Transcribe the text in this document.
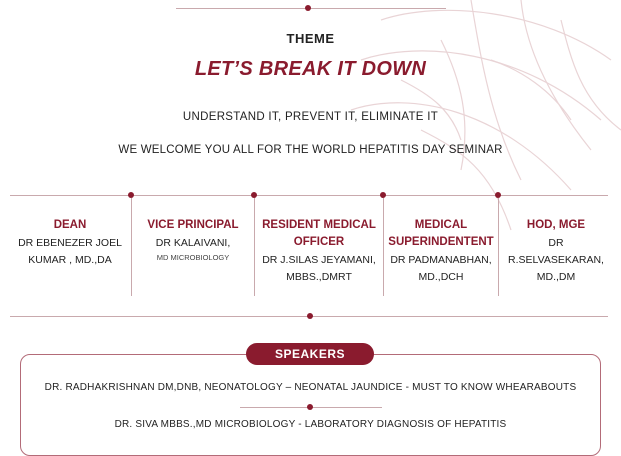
THEME
LET’S BREAK IT DOWN
UNDERSTAND IT, PREVENT IT, ELIMINATE IT
WE WELCOME YOU ALL FOR THE WORLD HEPATITIS DAY SEMINAR
DEAN
DR EBENEZER JOEL
KUMAR , MD.,DA
VICE PRINCIPAL
DR KALAIVANI,
MD MICROBIOLOGY
RESIDENT MEDICAL
OFFICER
DR J.SILAS JEYAMANI,
MBBS.,DMRT
MEDICAL
SUPERINDENTENT
DR PADMANABHAN,
MD.,DCH
HOD, MGE
DR R.SELVASEKARAN,
MD.,DM
SPEAKERS
DR. RADHAKRISHNAN DM,DNB, NEONATOLOGY – NEONATAL JAUNDICE - MUST TO KNOW WHEARABOUTS
DR. SIVA MBBS.,MD MICROBIOLOGY - LABORATORY DIAGNOSIS OF HEPATITIS
